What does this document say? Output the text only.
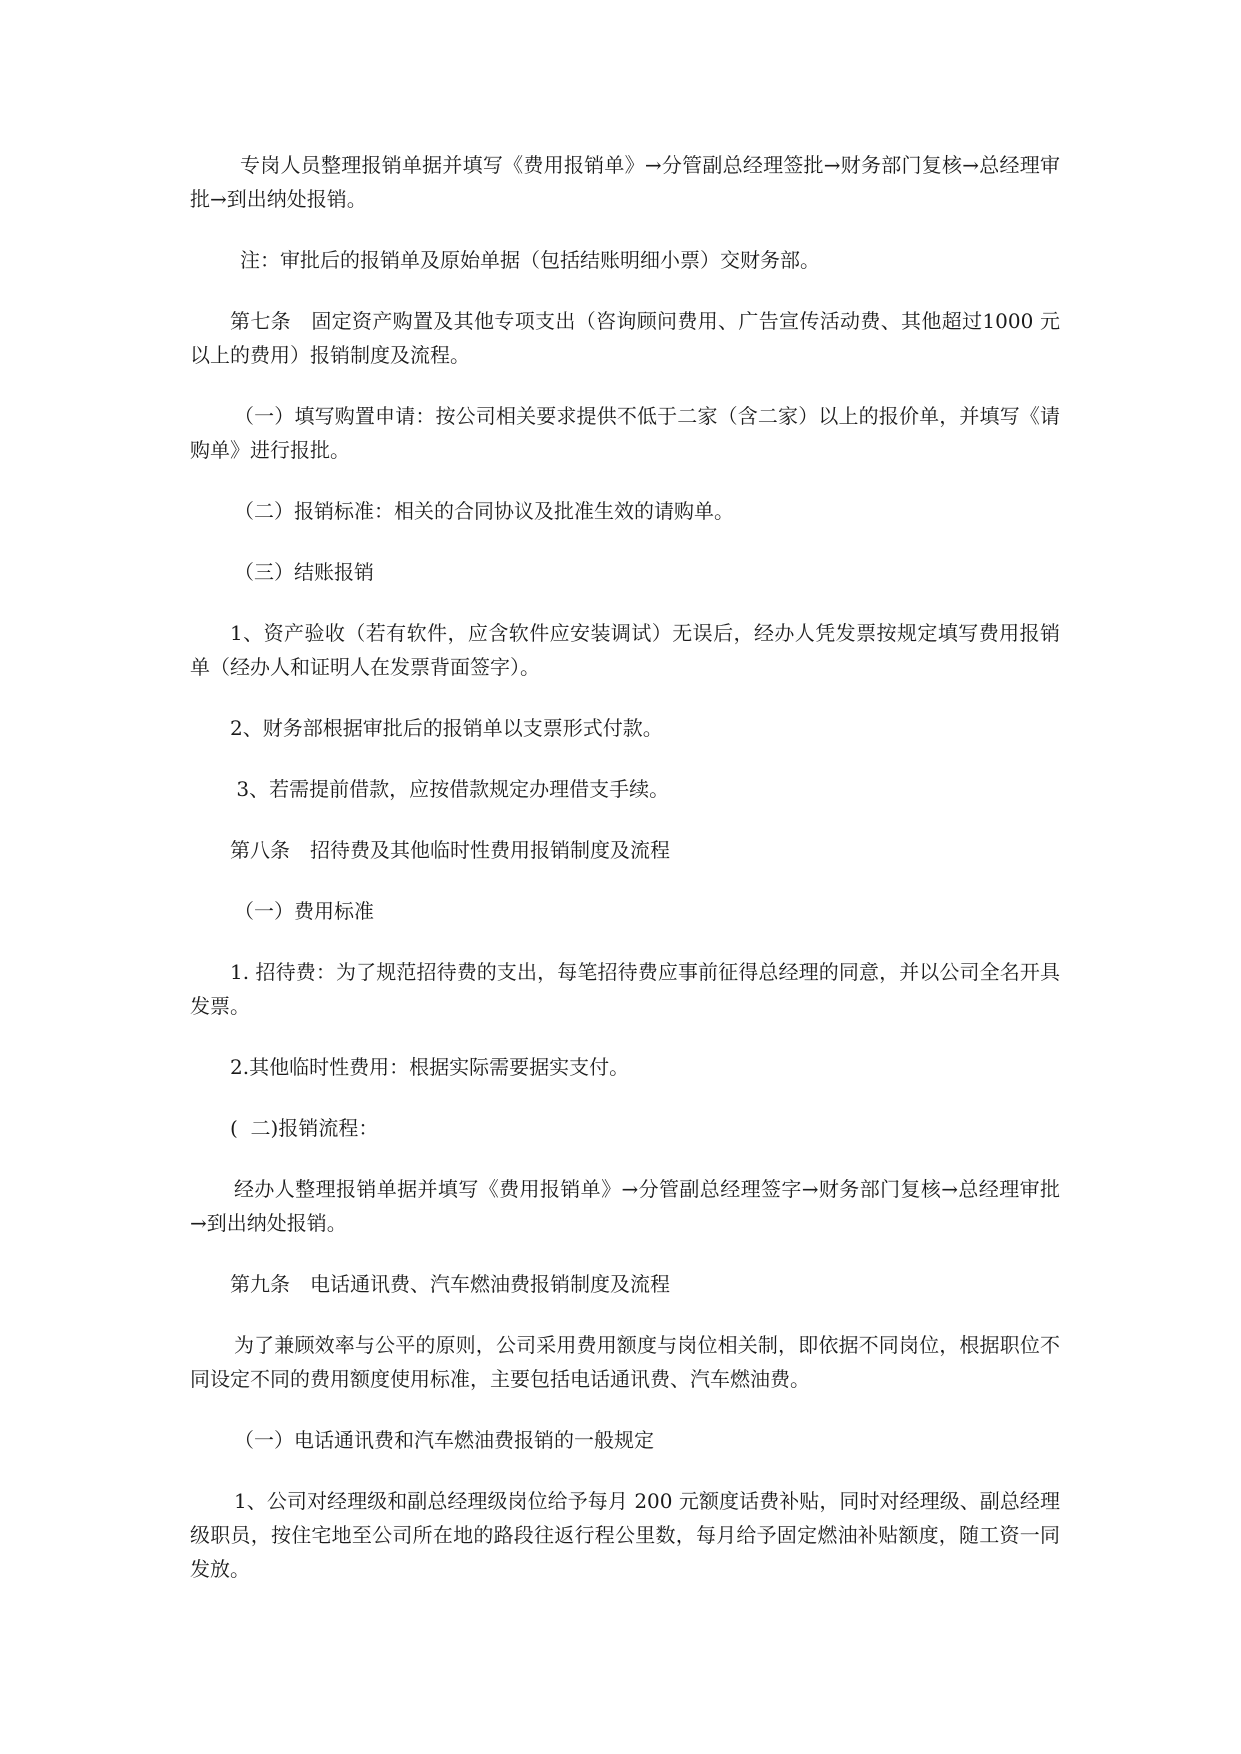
专岗人员整理报销单据并填写《费用报销单》→分管副总经理签批→财务部门复核→总经理审批→到出纳处报销。

注：审批后的报销单及原始单据（包括结账明细小票）交财务部。

第七条　固定资产购置及其他专项支出（咨询顾问费用、广告宣传活动费、其他超过1000 元以上的费用）报销制度及流程。

（一）填写购置申请：按公司相关要求提供不低于二家（含二家）以上的报价单，并填写《请购单》进行报批。

（二）报销标准：相关的合同协议及批准生效的请购单。

（三）结账报销

1、资产验收（若有软件，应含软件应安装调试）无误后，经办人凭发票按规定填写费用报销单（经办人和证明人在发票背面签字）。

2、财务部根据审批后的报销单以支票形式付款。

3、若需提前借款，应按借款规定办理借支手续。

第八条　招待费及其他临时性费用报销制度及流程

（一）费用标准

1. 招待费：为了规范招待费的支出，每笔招待费应事前征得总经理的同意，并以公司全名开具发票。

2.其他临时性费用：根据实际需要据实支付。

(  二)报销流程：

经办人整理报销单据并填写《费用报销单》→分管副总经理签字→财务部门复核→总经理审批→到出纳处报销。

第九条　电话通讯费、汽车燃油费报销制度及流程

为了兼顾效率与公平的原则，公司采用费用额度与岗位相关制，即依据不同岗位，根据职位不同设定不同的费用额度使用标准，主要包括电话通讯费、汽车燃油费。

（一）电话通讯费和汽车燃油费报销的一般规定

1、公司对经理级和副总经理级岗位给予每月 200 元额度话费补贴，同时对经理级、副总经理级职员，按住宅地至公司所在地的路段往返行程公里数，每月给予固定燃油补贴额度，随工资一同发放。
